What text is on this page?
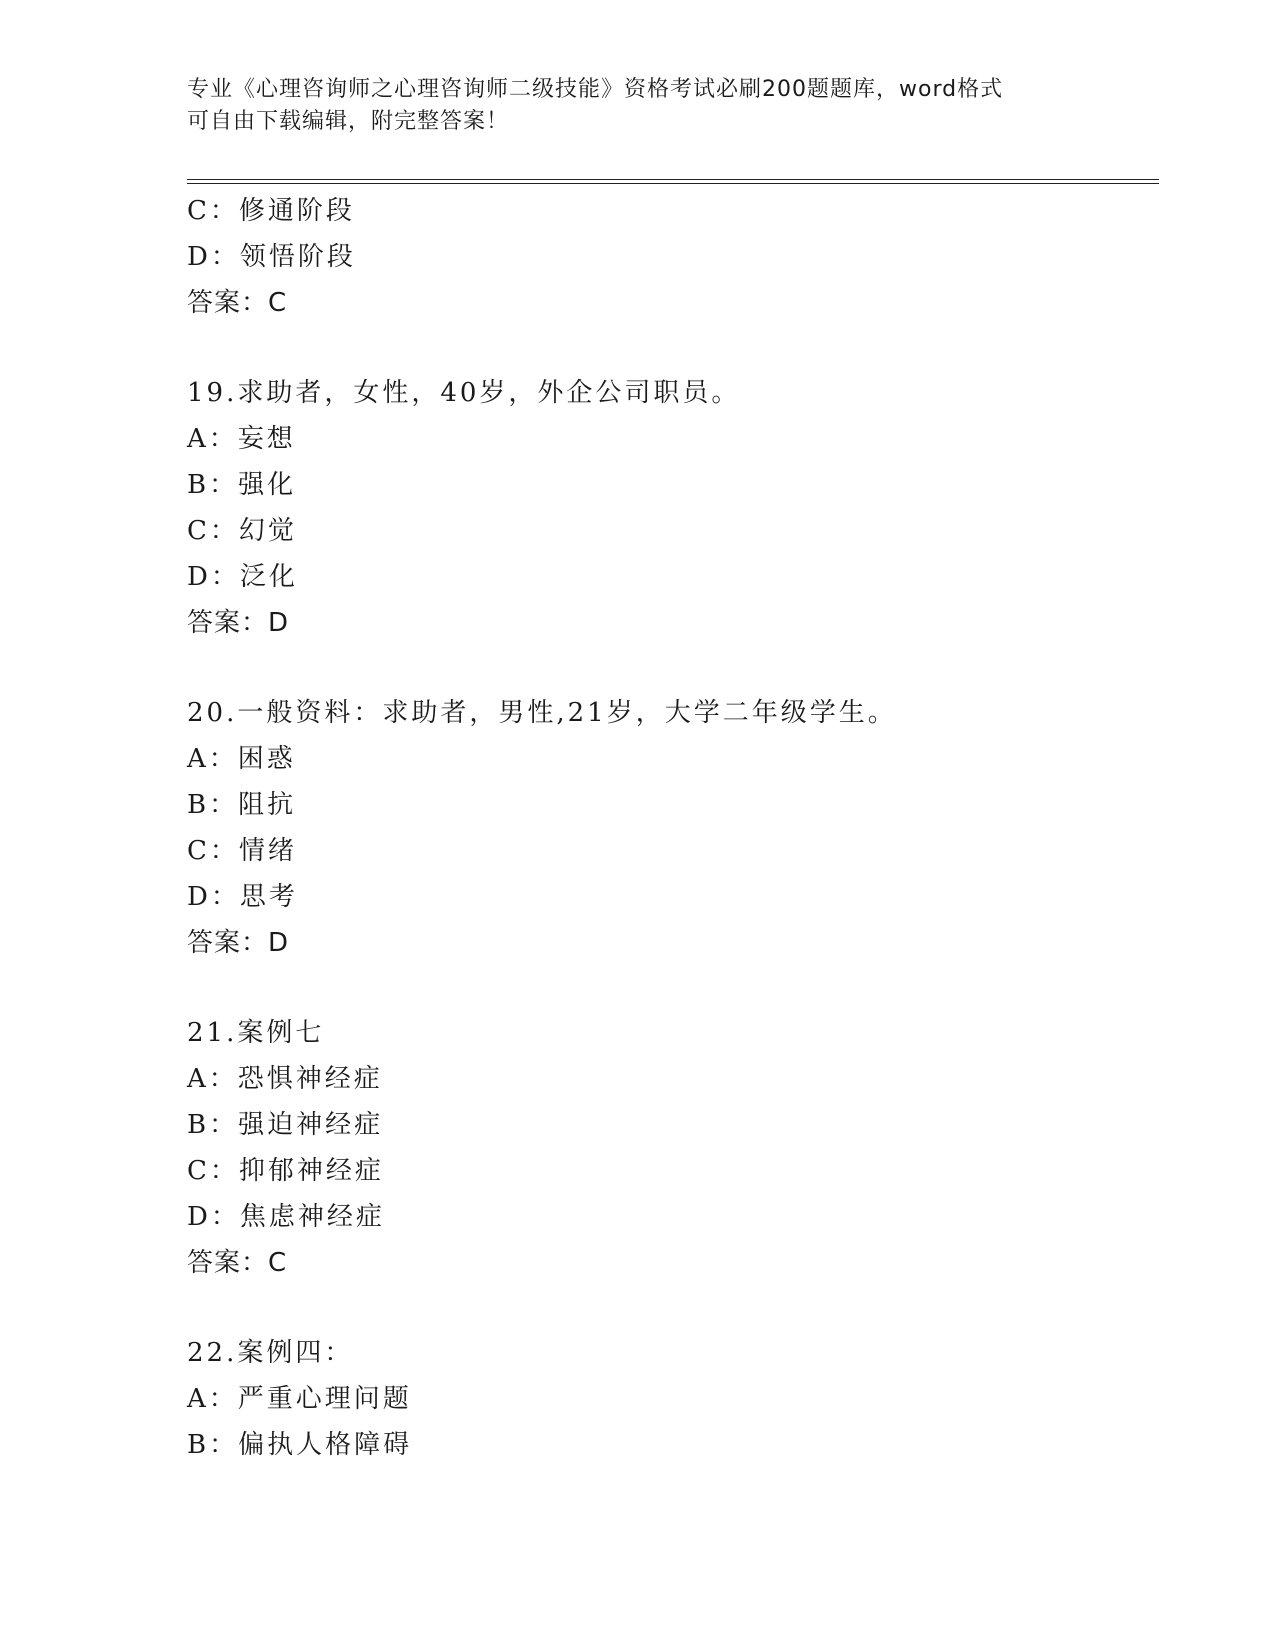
专业《心理咨询师之心理咨询师二级技能》资格考试必刷200题题库，word格式
可自由下载编辑，附完整答案！
C：修通阶段
D：领悟阶段
答案：C
19.求助者，女性，40岁，外企公司职员。
A：妄想
B：强化
C：幻觉
D：泛化
答案：D
20.一般资料：求助者，男性,21岁，大学二年级学生。
A：困惑
B：阻抗
C：情绪
D：思考
答案：D
21.案例七
A：恐惧神经症
B：强迫神经症
C：抑郁神经症
D：焦虑神经症
答案：C
22.案例四：
A：严重心理问题
B：偏执人格障碍
